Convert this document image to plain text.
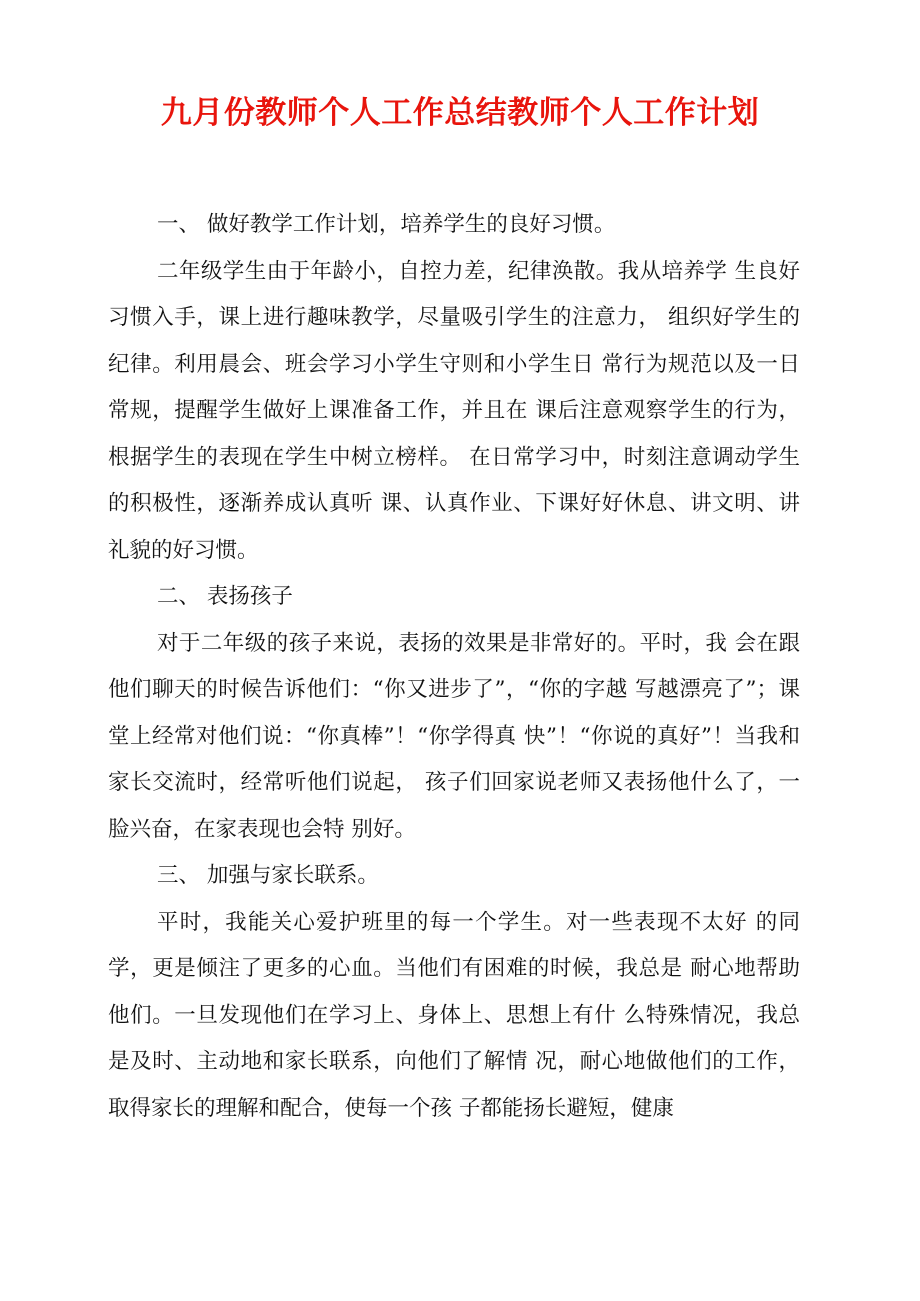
九月份教师个人工作总结教师个人工作计划

一、 做好教学工作计划，培养学生的良好习惯。

二年级学生由于年龄小，自控力差，纪律涣散。我从培养学 生良好习惯入手，课上进行趣味教学，尽量吸引学生的注意力， 组织好学生的纪律。利用晨会、班会学习小学生守则和小学生日 常行为规范以及一日常规，提醒学生做好上课准备工作，并且在 课后注意观察学生的行为，根据学生的表现在学生中树立榜样。 在日常学习中，时刻注意调动学生的积极性，逐渐养成认真听 课、认真作业、下课好好休息、讲文明、讲礼貌的好习惯。

二、 表扬孩子

对于二年级的孩子来说，表扬的效果是非常好的。平时，我 会在跟他们聊天的时候告诉他们：“你又进步了”，“你的字越 写越漂亮了”；课堂上经常对他们说：“你真棒”！“你学得真 快”！“你说的真好”！当我和家长交流时，经常听他们说起， 孩子们回家说老师又表扬他什么了，一脸兴奋，在家表现也会特 别好。

三、 加强与家长联系。

平时，我能关心爱护班里的每一个学生。对一些表现不太好 的同学，更是倾注了更多的心血。当他们有困难的时候，我总是 耐心地帮助他们。一旦发现他们在学习上、身体上、思想上有什 么特殊情况，我总是及时、主动地和家长联系，向他们了解情 况，耐心地做他们的工作，取得家长的理解和配合，使每一个孩 子都能扬长避短，健康
